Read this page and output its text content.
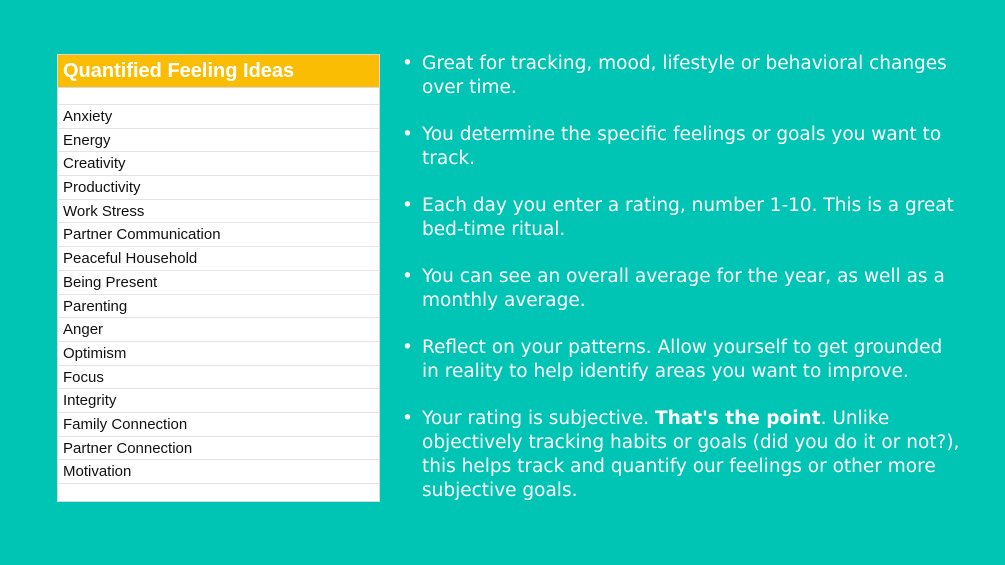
Quantified Feeling Ideas
Anxiety
Energy
Creativity
Productivity
Work Stress
Partner Communication
Peaceful Household
Being Present
Parenting
Anger
Optimism
Focus
Integrity
Family Connection
Partner Connection
Motivation
• Great for tracking, mood, lifestyle or behavioral changes over time.
• You determine the specific feelings or goals you want to track.
• Each day you enter a rating, number 1-10. This is a great bed-time ritual.
• You can see an overall average for the year, as well as a monthly average.
• Reflect on your patterns. Allow yourself to get grounded in reality to help identify areas you want to improve.
• Your rating is subjective. That's the point. Unlike objectively tracking habits or goals (did you do it or not?), this helps track and quantify our feelings or other more subjective goals.
